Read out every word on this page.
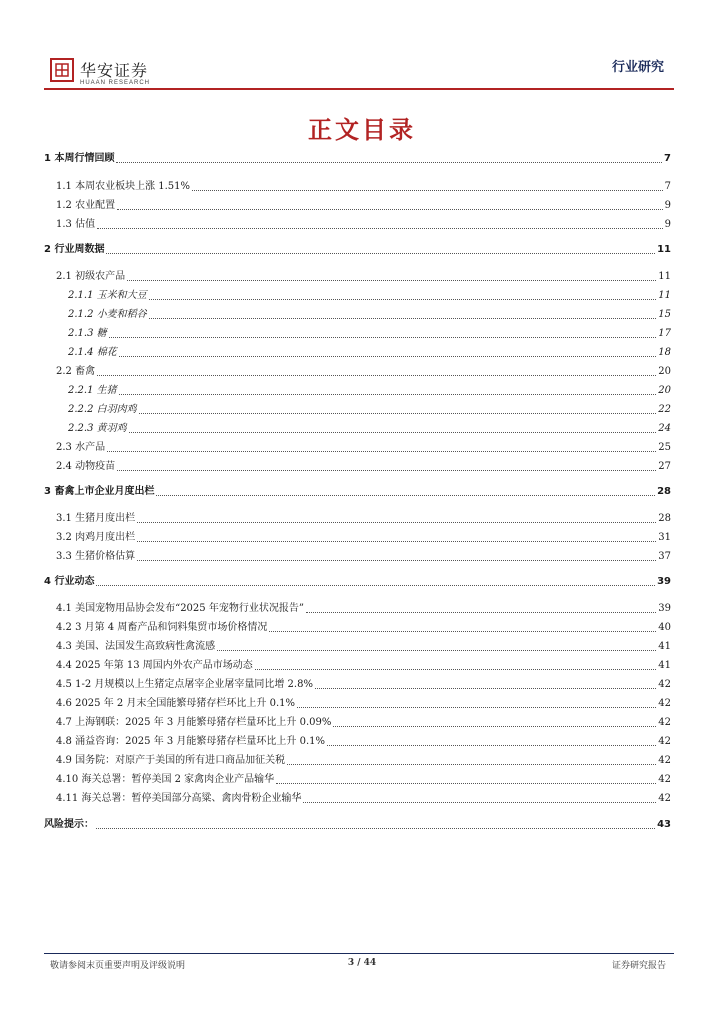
华安证券
HUAAN RESEARCH
行业研究
正文目录
1 本周行情回顾	7
1.1 本周农业板块上涨 1.51%	7
1.2 农业配置	9
1.3 估值	9
2 行业周数据	11
2.1 初级农产品	11
2.1.1 玉米和大豆	11
2.1.2 小麦和稻谷	15
2.1.3 糖	17
2.1.4 棉花	18
2.2 畜禽	20
2.2.1 生猪	20
2.2.2 白羽肉鸡	22
2.2.3 黄羽鸡	24
2.3 水产品	25
2.4 动物疫苗	27
3 畜禽上市企业月度出栏	28
3.1 生猪月度出栏	28
3.2 肉鸡月度出栏	31
3.3 生猪价格估算	37
4 行业动态	39
4.1 美国宠物用品协会发布“2025 年宠物行业状况报告”	39
4.2 3 月第 4 周畜产品和饲料集贸市场价格情况	40
4.3 美国、法国发生高致病性禽流感	41
4.4 2025 年第 13 周国内外农产品市场动态	41
4.5 1-2 月规模以上生猪定点屠宰企业屠宰量同比增 2.8%	42
4.6 2025 年 2 月末全国能繁母猪存栏环比上升 0.1%	42
4.7 上海钢联：2025 年 3 月能繁母猪存栏量环比上升 0.09%	42
4.8 涌益咨询：2025 年 3 月能繁母猪存栏量环比上升 0.1%	42
4.9 国务院：对原产于美国的所有进口商品加征关税	42
4.10 海关总署：暂停美国 2 家禽肉企业产品输华	42
4.11 海关总署：暂停美国部分高粱、禽肉骨粉企业输华	42
风险提示：	43
敬请参阅末页重要声明及评级说明	3 / 44	证券研究报告
